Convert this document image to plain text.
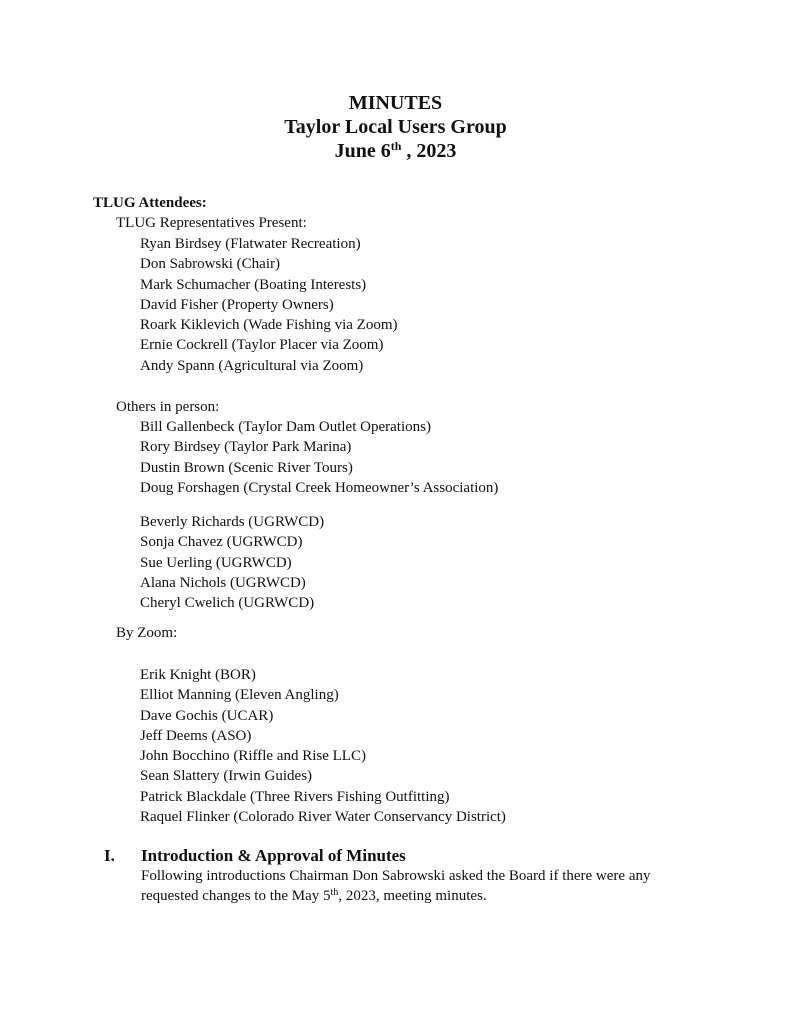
MINUTES
Taylor Local Users Group
June 6th , 2023
TLUG Attendees:
TLUG Representatives Present:
Ryan Birdsey (Flatwater Recreation)
Don Sabrowski (Chair)
Mark Schumacher (Boating Interests)
David Fisher (Property Owners)
Roark Kiklevich (Wade Fishing via Zoom)
Ernie Cockrell (Taylor Placer via Zoom)
Andy Spann (Agricultural via Zoom)
Others in person:
Bill Gallenbeck (Taylor Dam Outlet Operations)
Rory Birdsey (Taylor Park Marina)
Dustin Brown (Scenic River Tours)
Doug Forshagen (Crystal Creek Homeowner’s Association)
Beverly Richards (UGRWCD)
Sonja Chavez (UGRWCD)
Sue Uerling (UGRWCD)
Alana Nichols (UGRWCD)
Cheryl Cwelich (UGRWCD)
By Zoom:
Erik Knight (BOR)
Elliot Manning (Eleven Angling)
Dave Gochis (UCAR)
Jeff Deems (ASO)
John Bocchino (Riffle and Rise LLC)
Sean Slattery (Irwin Guides)
Patrick Blackdale (Three Rivers Fishing Outfitting)
Raquel Flinker (Colorado River Water Conservancy District)
I. Introduction & Approval of Minutes
Following introductions Chairman Don Sabrowski asked the Board if there were any requested changes to the May 5th, 2023, meeting minutes.
